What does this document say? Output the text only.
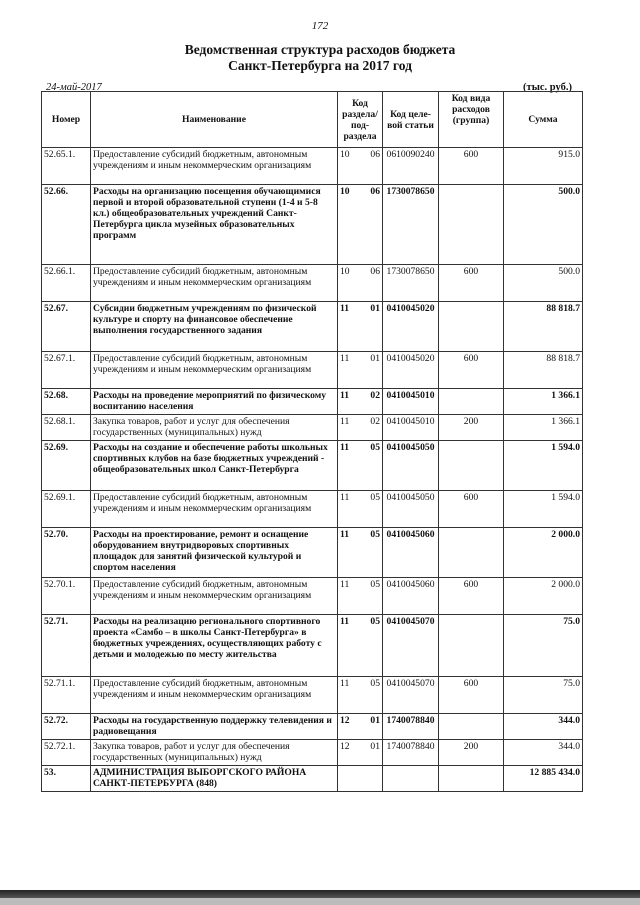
172
Ведомственная структура расходов бюджета
Санкт-Петербурга на 2017 год
24-май-2017	(тыс. руб.)
Номер	Наименование	Код раздела/ под- раздела	Код целе- вой статьи	Код вида расходов (группа)	Сумма
52.65.1.	Предоставление субсидий бюджетным, автономным учреждениям и иным некоммерческим организациям	10 06	0610090240	600	915.0
52.66.	Расходы на организацию посещения обучающимися первой и второй образовательной ступени (1-4 и 5-8 кл.) общеобразовательных учреждений Санкт-Петербурга цикла музейных образовательных программ	10 06	1730078650		500.0
52.66.1.	Предоставление субсидий бюджетным, автономным учреждениям и иным некоммерческим организациям	10 06	1730078650	600	500.0
52.67.	Субсидии бюджетным учреждениям по физической культуре и спорту на финансовое обеспечение выполнения государственного задания	11 01	0410045020		88 818.7
52.67.1.	Предоставление субсидий бюджетным, автономным учреждениям и иным некоммерческим организациям	11 01	0410045020	600	88 818.7
52.68.	Расходы на проведение мероприятий по физическому воспитанию населения	11 02	0410045010		1 366.1
52.68.1.	Закупка товаров, работ и услуг для обеспечения государственных (муниципальных) нужд	11 02	0410045010	200	1 366.1
52.69.	Расходы на создание и обеспечение работы школьных спортивных клубов на базе бюджетных учреждений - общеобразовательных школ Санкт-Петербурга	11 05	0410045050		1 594.0
52.69.1.	Предоставление субсидий бюджетным, автономным учреждениям и иным некоммерческим организациям	11 05	0410045050	600	1 594.0
52.70.	Расходы на проектирование, ремонт и оснащение оборудованием внутридворовых спортивных площадок для занятий физической культурой и спортом населения	11 05	0410045060		2 000.0
52.70.1.	Предоставление субсидий бюджетным, автономным учреждениям и иным некоммерческим организациям	11 05	0410045060	600	2 000.0
52.71.	Расходы на реализацию регионального спортивного проекта «Самбо – в школы Санкт-Петербурга» в бюджетных учреждениях, осуществляющих работу с детьми и молодежью по месту жительства	11 05	0410045070		75.0
52.71.1.	Предоставление субсидий бюджетным, автономным учреждениям и иным некоммерческим организациям	11 05	0410045070	600	75.0
52.72.	Расходы на государственную поддержку телевидения и радиовещания	12 01	1740078840		344.0
52.72.1.	Закупка товаров, работ и услуг для обеспечения государственных (муниципальных) нужд	12 01	1740078840	200	344.0
53.	АДМИНИСТРАЦИЯ ВЫБОРГСКОГО РАЙОНА САНКТ-ПЕТЕРБУРГА (848)				12 885 434.0
